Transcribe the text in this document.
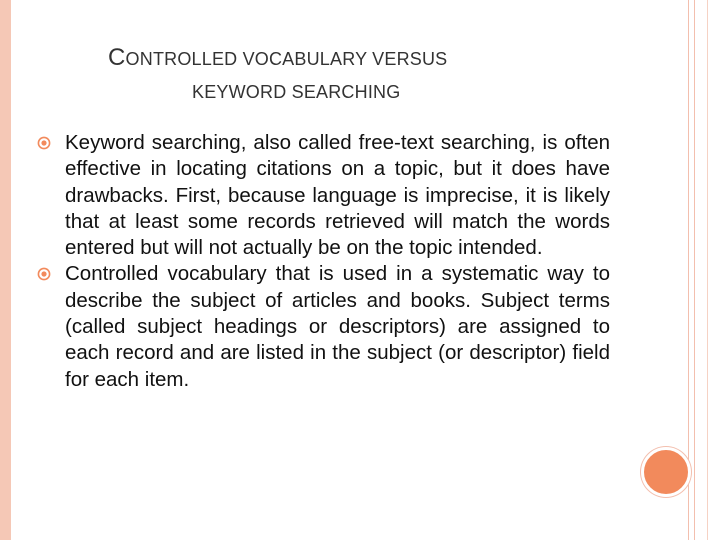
CONTROLLED VOCABULARY VERSUS
KEYWORD SEARCHING
Keyword searching, also called free-text searching, is often effective in locating citations on a topic, but it does have drawbacks. First, because language is imprecise, it is likely that at least some records retrieved will match the words entered but will not actually be on the topic intended.
Controlled vocabulary that is used in a systematic way to describe the subject of articles and books. Subject terms (called subject headings or descriptors) are assigned to each record and are listed in the subject (or descriptor) field for each item.
